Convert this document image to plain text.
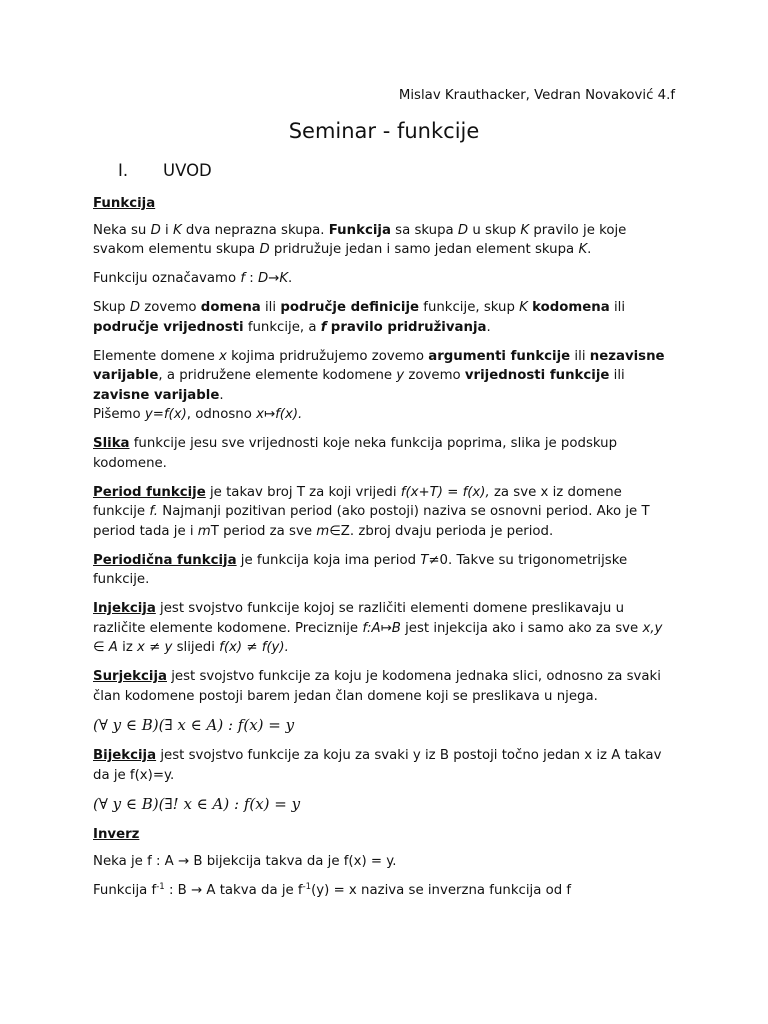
Mislav Krauthacker, Vedran Novaković 4.f
Seminar - funkcije
I. UVOD

Funkcija

Neka su D i K dva neprazna skupa. Funkcija sa skupa D u skup K pravilo je koje svakom elementu skupa D pridružuje jedan i samo jedan element skupa K.

Funkciju označavamo f : D→K.

Skup D zovemo domena ili područje definicije funkcije, skup K kodomena ili područje vrijednosti funkcije, a f pravilo pridruživanja.

Elemente domene x kojima pridružujemo zovemo argumenti funkcije ili nezavisne varijable, a pridružene elemente kodomene y zovemo vrijednosti funkcije ili zavisne varijable.
Pišemo y=f(x), odnosno x↦f(x).

Slika funkcije jesu sve vrijednosti koje neka funkcija poprima, slika je podskup kodomene.

Period funkcije je takav broj T za koji vrijedi f(x+T) = f(x), za sve x iz domene funkcije f. Najmanji pozitivan period (ako postoji) naziva se osnovni period. Ako je T period tada je i mT period za sve m∈Z. zbroj dvaju perioda je period.

Periodična funkcija je funkcija koja ima period T≠0. Takve su trigonometrijske funkcije.

Injekcija jest svojstvo funkcije kojoj se različiti elementi domene preslikavaju u različite elemente kodomene. Preciznije f:A↦B jest injekcija ako i samo ako za sve x,y ∈ A iz x ≠ y slijedi f(x) ≠ f(y).

Surjekcija jest svojstvo funkcije za koju je kodomena jednaka slici, odnosno za svaki član kodomene postoji barem jedan član domene koji se preslikava u njega.

(∀ y ∈ B)(∃ x ∈ A) : f(x) = y

Bijekcija jest svojstvo funkcije za koju za svaki y iz B postoji točno jedan x iz A takav da je f(x)=y.

(∀ y ∈ B)(∃! x ∈ A) : f(x) = y

Inverz

Neka je f : A → B bijekcija takva da je f(x) = y.

Funkcija $f^{-1}$ : B → A takva da je $f^{-1}(y) = x$ naziva se inverzna funkcija od f
